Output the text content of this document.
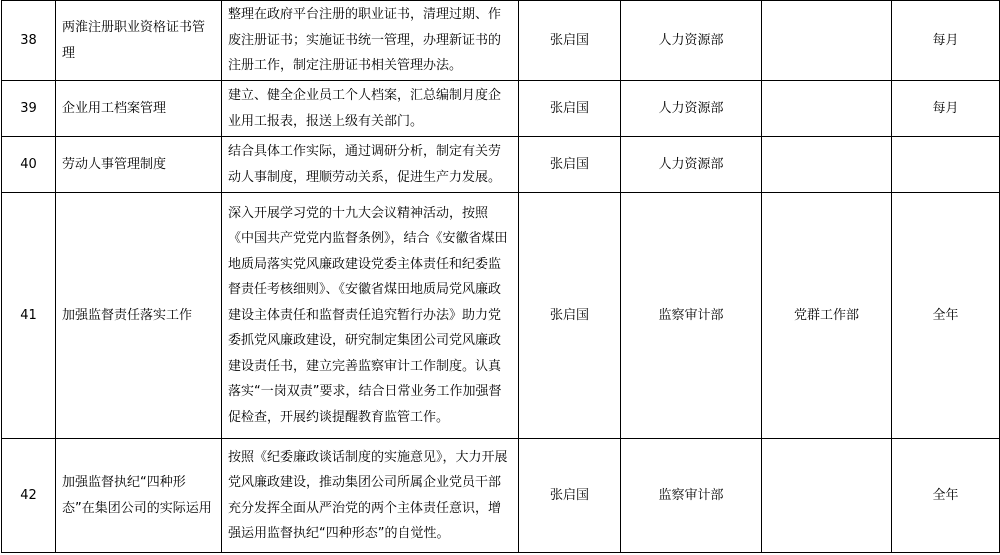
38	两淮注册职业资格证书管理	整理在政府平台注册的职业证书，清理过期、作废注册证书；实施证书统一管理，办理新证书的注册工作，制定注册证书相关管理办法。	张启国	人力资源部		每月
39	企业用工档案管理	建立、健全企业员工个人档案，汇总编制月度企业用工报表，报送上级有关部门。	张启国	人力资源部		每月
40	劳动人事管理制度	结合具体工作实际，通过调研分析，制定有关劳动人事制度，理顺劳动关系，促进生产力发展。	张启国	人力资源部		
41	加强监督责任落实工作	深入开展学习党的十九大会议精神活动，按照《中国共产党党内监督条例》，结合《安徽省煤田地质局落实党风廉政建设党委主体责任和纪委监督责任考核细则》、《安徽省煤田地质局党风廉政建设主体责任和监督责任追究暂行办法》助力党委抓党风廉政建设，研究制定集团公司党风廉政建设责任书，建立完善监察审计工作制度。认真落实“一岗双责”要求，结合日常业务工作加强督促检查，开展约谈提醒教育监管工作。	张启国	监察审计部	党群工作部	全年
42	加强监督执纪“四种形态”在集团公司的实际运用	按照《纪委廉政谈话制度的实施意见》，大力开展党风廉政建设，推动集团公司所属企业党员干部充分发挥全面从严治党的两个主体责任意识，增强运用监督执纪“四种形态”的自觉性。	张启国	监察审计部		全年
